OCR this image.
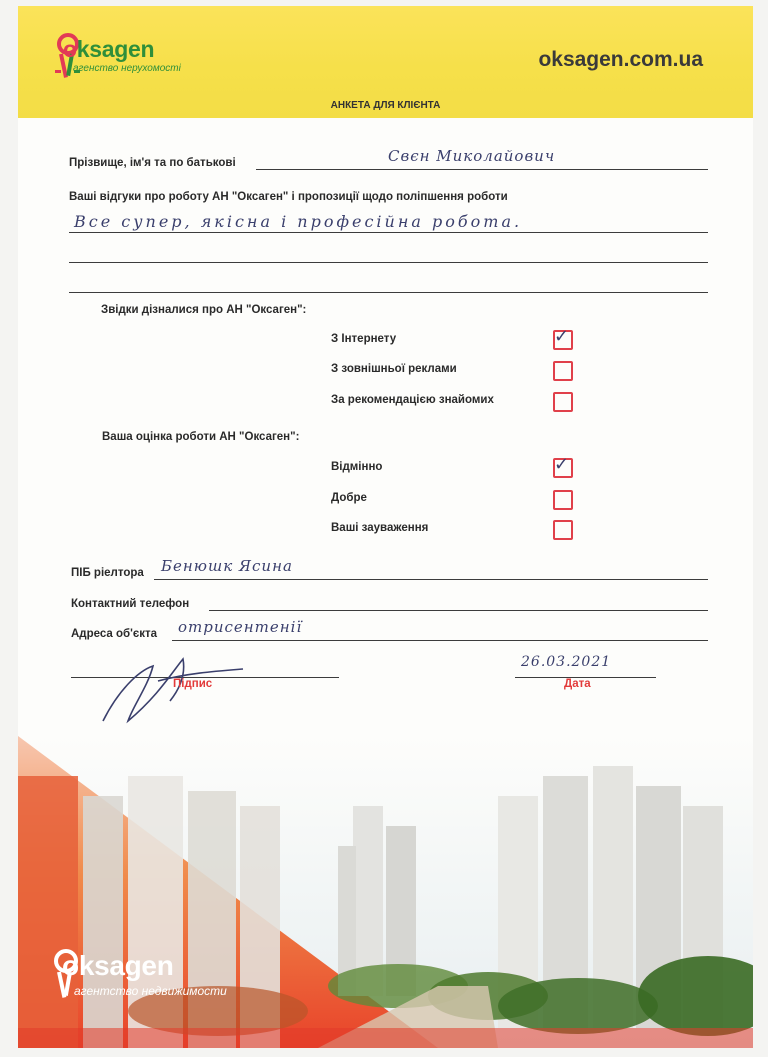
oksagen
агенство нерухомості	oksagen.com.ua
АНКЕТА ДЛЯ КЛІЄНТА
Прізвище, ім'я та по батькові	Свєн Миколайович
Ваші відгуки про роботу АН "Оксаген" і пропозиції щодо поліпшення роботи
Все супер, якісна і професійна робота.
Звідки дізналися про АН "Оксаген":
З Інтернету	✓
З зовнішньої реклами
За рекомендацією знайомих
Ваша оцінка роботи АН "Оксаген":
Відмінно	✓
Добре
Ваші зауваження
ПІБ ріелтора Бенюшк Ясина
Контактний телефон
Адреса об'єкта отрисентенії
Підпис
26.03.2021
Дата
oksagen
агентство недвижимости
